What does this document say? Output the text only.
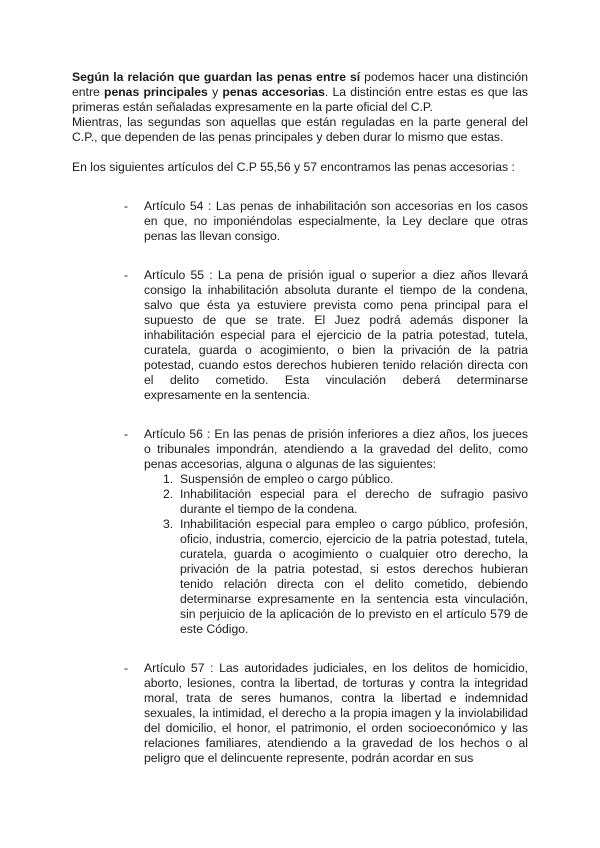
Según la relación que guardan las penas entre sí podemos hacer una distinción entre penas principales y penas accesorias. La distinción entre estas es que las primeras están señaladas expresamente en la parte oficial del C.P.

Mientras, las segundas son aquellas que están reguladas en la parte general del C.P., que dependen de las penas principales y deben durar lo mismo que estas.

En los siguientes artículos del C.P 55,56 y 57 encontramos las penas accesorias :

- Artículo 54 : Las penas de inhabilitación son accesorias en los casos en que, no imponiéndolas especialmente, la Ley declare que otras penas las llevan consigo.
- Artículo 55 : La pena de prisión igual o superior a diez años llevará consigo la inhabilitación absoluta durante el tiempo de la condena, salvo que ésta ya estuviere prevista como pena principal para el supuesto de que se trate. El Juez podrá además disponer la inhabilitación especial para el ejercicio de la patria potestad, tutela, curatela, guarda o acogimiento, o bien la privación de la patria potestad, cuando estos derechos hubieren tenido relación directa con el delito cometido. Esta vinculación deberá determinarse expresamente en la sentencia.
- Artículo 56 : En las penas de prisión inferiores a diez años, los jueces o tribunales impondrán, atendiendo a la gravedad del delito, como penas accesorias, alguna o algunas de las siguientes:
1. Suspensión de empleo o cargo público.
2. Inhabilitación especial para el derecho de sufragio pasivo durante el tiempo de la condena.
3. Inhabilitación especial para empleo o cargo público, profesión, oficio, industria, comercio, ejercicio de la patria potestad, tutela, curatela, guarda o acogimiento o cualquier otro derecho, la privación de la patria potestad, si estos derechos hubieran tenido relación directa con el delito cometido, debiendo determinarse expresamente en la sentencia esta vinculación, sin perjuicio de la aplicación de lo previsto en el artículo 579 de este Código.
- Artículo 57 : Las autoridades judiciales, en los delitos de homicidio, aborto, lesiones, contra la libertad, de torturas y contra la integridad moral, trata de seres humanos, contra la libertad e indemnidad sexuales, la intimidad, el derecho a la propia imagen y la inviolabilidad del domicilio, el honor, el patrimonio, el orden socioeconómico y las relaciones familiares, atendiendo a la gravedad de los hechos o al peligro que el delincuente represente, podrán acordar en sus
